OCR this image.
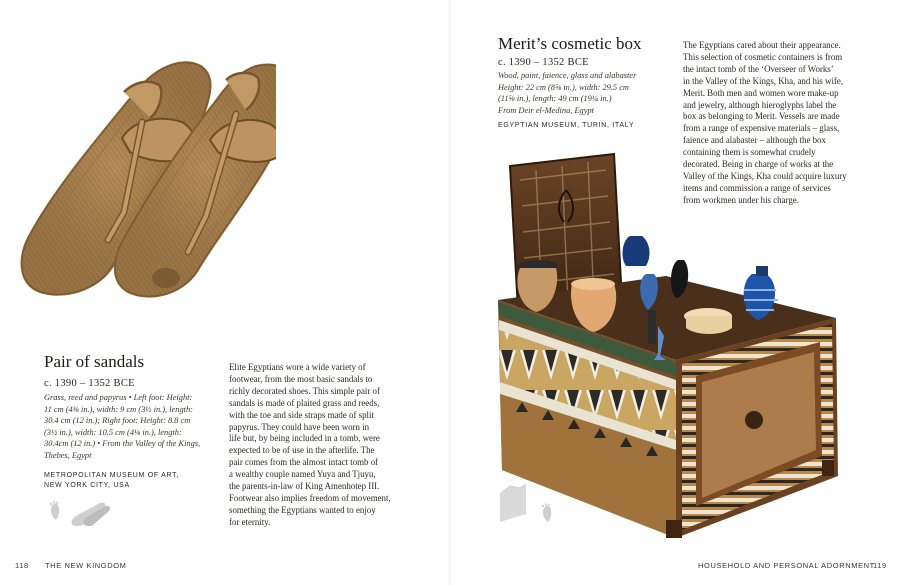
Pair of sandals
c. 1390 – 1352 BCE
Grass, reed and papyrus • Left foot: Height:
11 cm (4⅜ in.), width: 9 cm (3½ in.), length:
30.4 cm (12 in.); Right foot: Height: 8.8 cm
(3½ in.), width: 10.5 cm (4⅛ in.), length:
30.4cm (12 in.) • From the Valley of the Kings,
Thebes, Egypt
METROPOLITAN MUSEUM OF ART,
NEW YORK CITY, USA
Elite Egyptians wore a wide variety of
footwear, from the most basic sandals to
richly decorated shoes. This simple pair of
sandals is made of plaited grass and reeds,
with the toe and side straps made of split
papyrus. They could have been worn in
life but, by being included in a tomb, were
expected to be of use in the afterlife. The
pair comes from the almost intact tomb of
a wealthy couple named Yuya and Tjuyu,
the parents-in-law of King Amenhotep III.
Footwear also implies freedom of movement,
something the Egyptians wanted to enjoy
for eternity.
118 THE NEW KINGDOM
Merit’s cosmetic box
c. 1390 – 1352 BCE
Wood, paint, faience, glass and alabaster
Height: 22 cm (8⅝ in.), width: 29.5 cm
(11⅝ in.), length: 49 cm (19¼ in.)
From Deir el-Medina, Egypt
EGYPTIAN MUSEUM, TURIN, ITALY
The Egyptians cared about their appearance.
This selection of cosmetic containers is from
the intact tomb of the ‘Overseer of Works’
in the Valley of the Kings, Kha, and his wife,
Merit. Both men and women wore make-up
and jewelry, although hieroglyphs label the
box as belonging to Merit. Vessels are made
from a range of expensive materials – glass,
faience and alabaster – although the box
containing them is somewhat crudely
decorated. Being in charge of works at the
Valley of the Kings, Kha could acquire luxury
items and commission a range of services
from workmen under his charge.
HOUSEHOLD AND PERSONAL ADORNMENT
119
